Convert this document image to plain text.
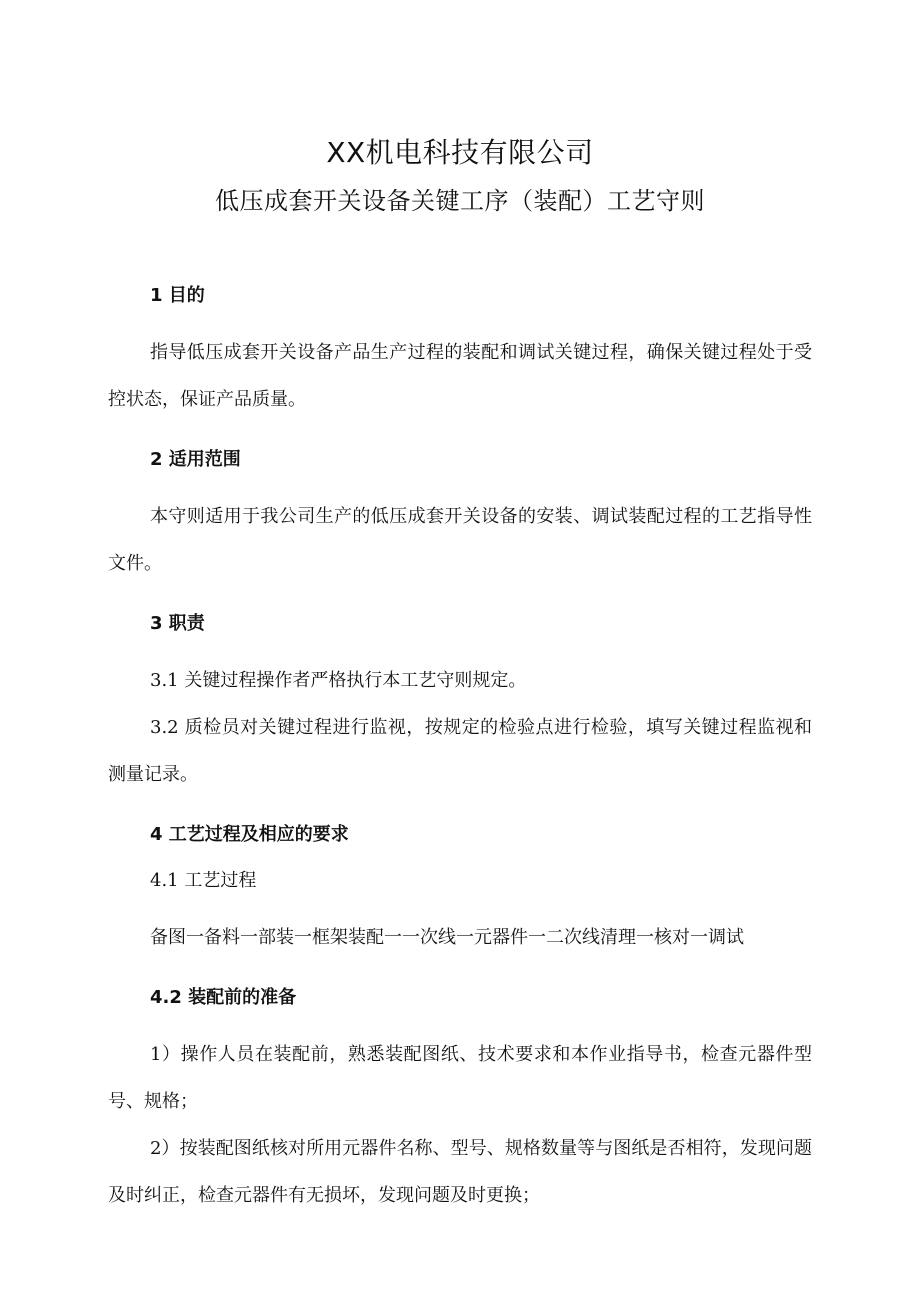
XX机电科技有限公司
低压成套开关设备关键工序（装配）工艺守则
1 目的

指导低压成套开关设备产品生产过程的装配和调试关键过程，确保关键过程处于受控状态，保证产品质量。

2 适用范围

本守则适用于我公司生产的低压成套开关设备的安装、调试装配过程的工艺指导性文件。

3 职责

3.1 关键过程操作者严格执行本工艺守则规定。

3.2 质检员对关键过程进行监视，按规定的检验点进行检验，填写关键过程监视和测量记录。

4 工艺过程及相应的要求
4.1 工艺过程

备图一备料一部装一框架装配一一次线一元器件一二次线清理一核对一调试

4.2 装配前的准备

1）操作人员在装配前，熟悉装配图纸、技术要求和本作业指导书，检查元器件型号、规格；

2）按装配图纸核对所用元器件名称、型号、规格数量等与图纸是否相符，发现问题及时纠正，检查元器件有无损坏，发现问题及时更换；
